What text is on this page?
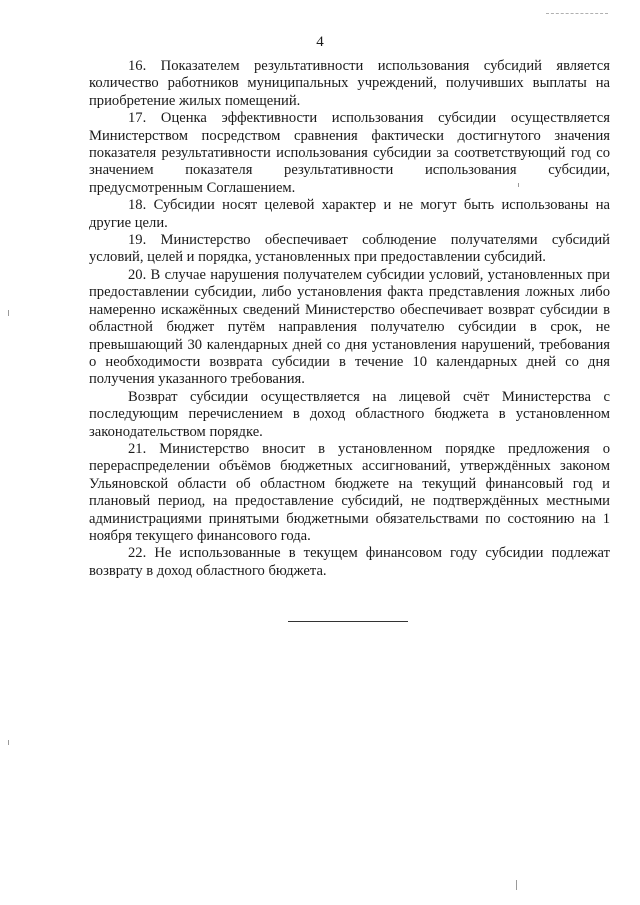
4

16. Показателем результативности использования субсидий является количество работников муниципальных учреждений, получивших выплаты на приобретение жилых помещений.

17. Оценка эффективности использования субсидии осуществляется Министерством посредством сравнения фактически достигнутого значения показателя результативности использования субсидии за соответствующий год со значением показателя результативности использования субсидии, предусмотренным Соглашением.

18. Субсидии носят целевой характер и не могут быть использованы на другие цели.

19. Министерство обеспечивает соблюдение получателями субсидий условий, целей и порядка, установленных при предоставлении субсидий.

20. В случае нарушения получателем субсидии условий, установленных при предоставлении субсидии, либо установления факта представления ложных либо намеренно искажённых сведений Министерство обеспечивает возврат субсидии в областной бюджет путём направления получателю субсидии в срок, не превышающий 30 календарных дней со дня установления нарушений, требования о необходимости возврата субсидии в течение 10 календарных дней со дня получения указанного требования.

Возврат субсидии осуществляется на лицевой счёт Министерства с последующим перечислением в доход областного бюджета в установленном законодательством порядке.

21. Министерство вносит в установленном порядке предложения о перераспределении объёмов бюджетных ассигнований, утверждённых законом Ульяновской области об областном бюджете на текущий финансовый год и плановый период, на предоставление субсидий, не подтверждённых местными администрациями принятыми бюджетными обязательствами по состоянию на 1 ноября текущего финансового года.

22. Не использованные в текущем финансовом году субсидии подлежат возврату в доход областного бюджета.
